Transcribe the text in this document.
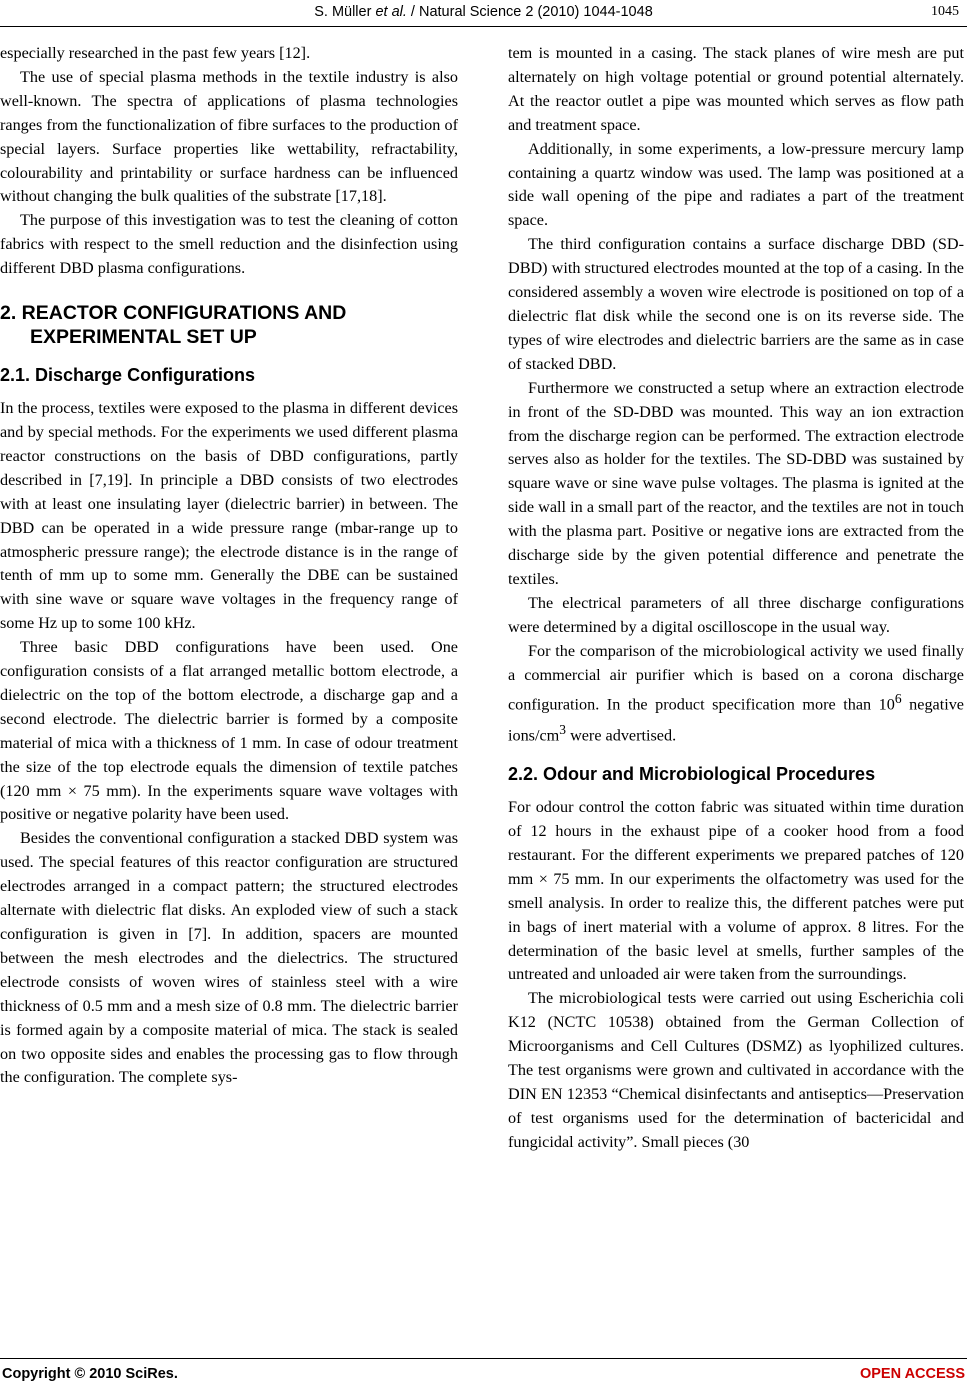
S. Müller et al. / Natural Science 2 (2010) 1044-1048	1045

especially researched in the past few years [12].

The use of special plasma methods in the textile industry is also well-known. The spectra of applications of plasma technologies ranges from the functionalization of fibre surfaces to the production of special layers. Surface properties like wettability, refractability, colourability and printability or surface hardness can be influenced without changing the bulk qualities of the substrate [17,18].

The purpose of this investigation was to test the cleaning of cotton fabrics with respect to the smell reduction and the disinfection using different DBD plasma configurations.

2. REACTOR CONFIGURATIONS AND EXPERIMENTAL SET UP
2.1. Discharge Configurations

In the process, textiles were exposed to the plasma in different devices and by special methods. For the experiments we used different plasma reactor constructions on the basis of DBD configurations, partly described in [7,19]. In principle a DBD consists of two electrodes with at least one insulating layer (dielectric barrier) in between. The DBD can be operated in a wide pressure range (mbar-range up to atmospheric pressure range); the electrode distance is in the range of tenth of mm up to some mm. Generally the DBE can be sustained with sine wave or square wave voltages in the frequency range of some Hz up to some 100 kHz.

Three basic DBD configurations have been used. One configuration consists of a flat arranged metallic bottom electrode, a dielectric on the top of the bottom electrode, a discharge gap and a second electrode. The dielectric barrier is formed by a composite material of mica with a thickness of 1 mm. In case of odour treatment the size of the top electrode equals the dimension of textile patches (120 mm × 75 mm). In the experiments square wave voltages with positive or negative polarity have been used.

Besides the conventional configuration a stacked DBD system was used. The special features of this reactor configuration are structured electrodes arranged in a compact pattern; the structured electrodes alternate with dielectric flat disks. An exploded view of such a stack configuration is given in [7]. In addition, spacers are mounted between the mesh electrodes and the dielectrics. The structured electrode consists of woven wires of stainless steel with a wire thickness of 0.5 mm and a mesh size of 0.8 mm. The dielectric barrier is formed again by a composite material of mica. The stack is sealed on two opposite sides and enables the processing gas to flow through the configuration. The complete sys-

tem is mounted in a casing. The stack planes of wire mesh are put alternately on high voltage potential or ground potential alternately. At the reactor outlet a pipe was mounted which serves as flow path and treatment space.

Additionally, in some experiments, a low-pressure mercury lamp containing a quartz window was used. The lamp was positioned at a side wall opening of the pipe and radiates a part of the treatment space.

The third configuration contains a surface discharge DBD (SD-DBD) with structured electrodes mounted at the top of a casing. In the considered assembly a woven wire electrode is positioned on top of a dielectric flat disk while the second one is on its reverse side. The types of wire electrodes and dielectric barriers are the same as in case of stacked DBD.

Furthermore we constructed a setup where an extraction electrode in front of the SD-DBD was mounted. This way an ion extraction from the discharge region can be performed. The extraction electrode serves also as holder for the textiles. The SD-DBD was sustained by square wave or sine wave pulse voltages. The plasma is ignited at the side wall in a small part of the reactor, and the textiles are not in touch with the plasma part. Positive or negative ions are extracted from the discharge side by the given potential difference and penetrate the textiles.

The electrical parameters of all three discharge configurations were determined by a digital oscilloscope in the usual way.

For the comparison of the microbiological activity we used finally a commercial air purifier which is based on a corona discharge configuration. In the product specification more than $10^6$ negative ions/$cm^3$ were advertised.

2.2. Odour and Microbiological Procedures

For odour control the cotton fabric was situated within time duration of 12 hours in the exhaust pipe of a cooker hood from a food restaurant. For the different experiments we prepared patches of 120 mm × 75 mm. In our experiments the olfactometry was used for the smell analysis. In order to realize this, the different patches were put in bags of inert material with a volume of approx. 8 litres. For the determination of the basic level at smells, further samples of the untreated and unloaded air were taken from the surroundings.

The microbiological tests were carried out using Escherichia coli K12 (NCTC 10538) obtained from the German Collection of Microorganisms and Cell Cultures (DSMZ) as lyophilized cultures. The test organisms were grown and cultivated in accordance with the DIN EN 12353 “Chemical disinfectants and antiseptics—Preservation of test organisms used for the determination of bactericidal and fungicidal activity”. Small pieces (30

Copyright © 2010 SciRes.	OPEN ACCESS
